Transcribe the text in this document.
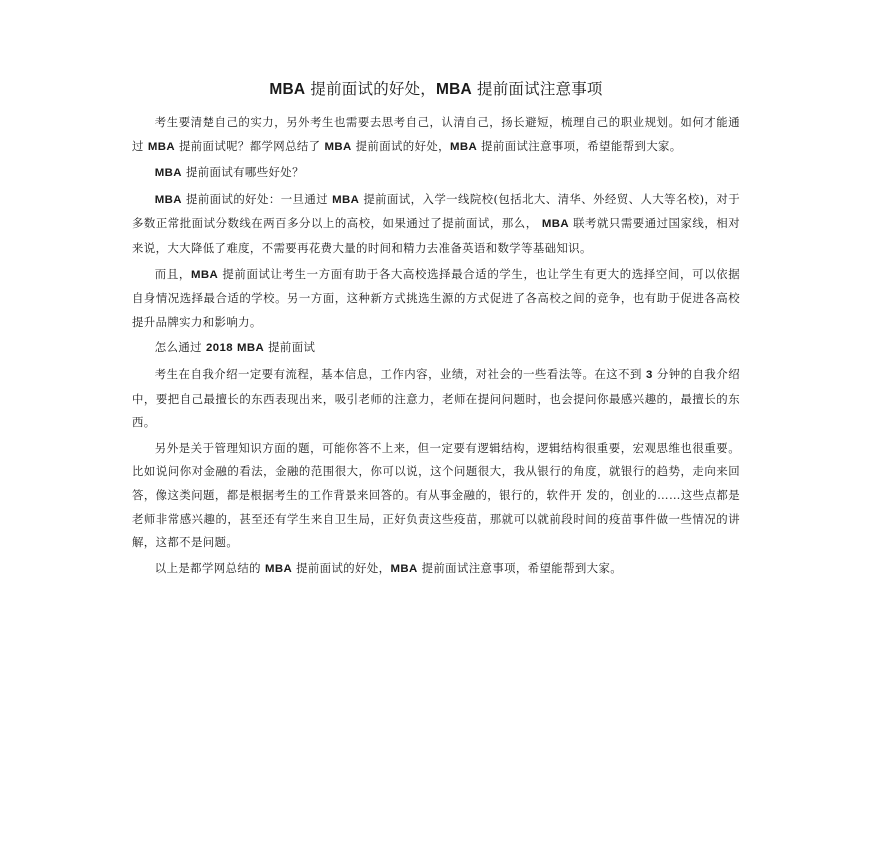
MBA 提前面试的好处，MBA 提前面试注意事项

考生要清楚自己的实力，另外考生也需要去思考自己，认清自己，扬长避短，梳理自己的职业规划。如何才能通过 MBA 提前面试呢？都学网总结了 MBA 提前面试的好处，MBA 提前面试注意事项，希望能帮到大家。

MBA 提前面试有哪些好处？

MBA 提前面试的好处：一旦通过 MBA 提前面试，入学一线院校(包括北大、清华、外经贸、人大等名校)，对于多数正常批面试分数线在两百多分以上的高校，如果通过了提前面试，那么， MBA 联考就只需要通过国家线，相对来说，大大降低了难度，不需要再花费大量的时间和精力去准备英语和数学等基础知识。

而且，MBA 提前面试让考生一方面有助于各大高校选择最合适的学生，也让学生有更大的选择空间，可以依据自身情况选择最合适的学校。另一方面，这种新方式挑选生源的方式促进了各高校之间的竞争，也有助于促进各高校提升品牌实力和影响力。

怎么通过 2018 MBA 提前面试

考生在自我介绍一定要有流程，基本信息，工作内容，业绩，对社会的一些看法等。在这不到 3 分钟的自我介绍中，要把自己最擅长的东西表现出来，吸引老师的注意力，老师在提问问题时，也会提问你最感兴趣的，最擅长的东西。

另外是关于管理知识方面的题，可能你答不上来，但一定要有逻辑结构，逻辑结构很重要，宏观思维也很重要。比如说问你对金融的看法，金融的范围很大，你可以说，这个问题很大，我从银行的角度，就银行的趋势，走向来回答，像这类问题，都是根据考生的工作背景来回答的。有从事金融的，银行的，软件开 发的，创业的……这些点都是老师非常感兴趣的，甚至还有学生来自卫生局，正好负责这些疫苗，那就可以就前段时间的疫苗事件做一些情况的讲解，这都不是问题。

以上是都学网总结的 MBA 提前面试的好处，MBA 提前面试注意事项，希望能帮到大家。
